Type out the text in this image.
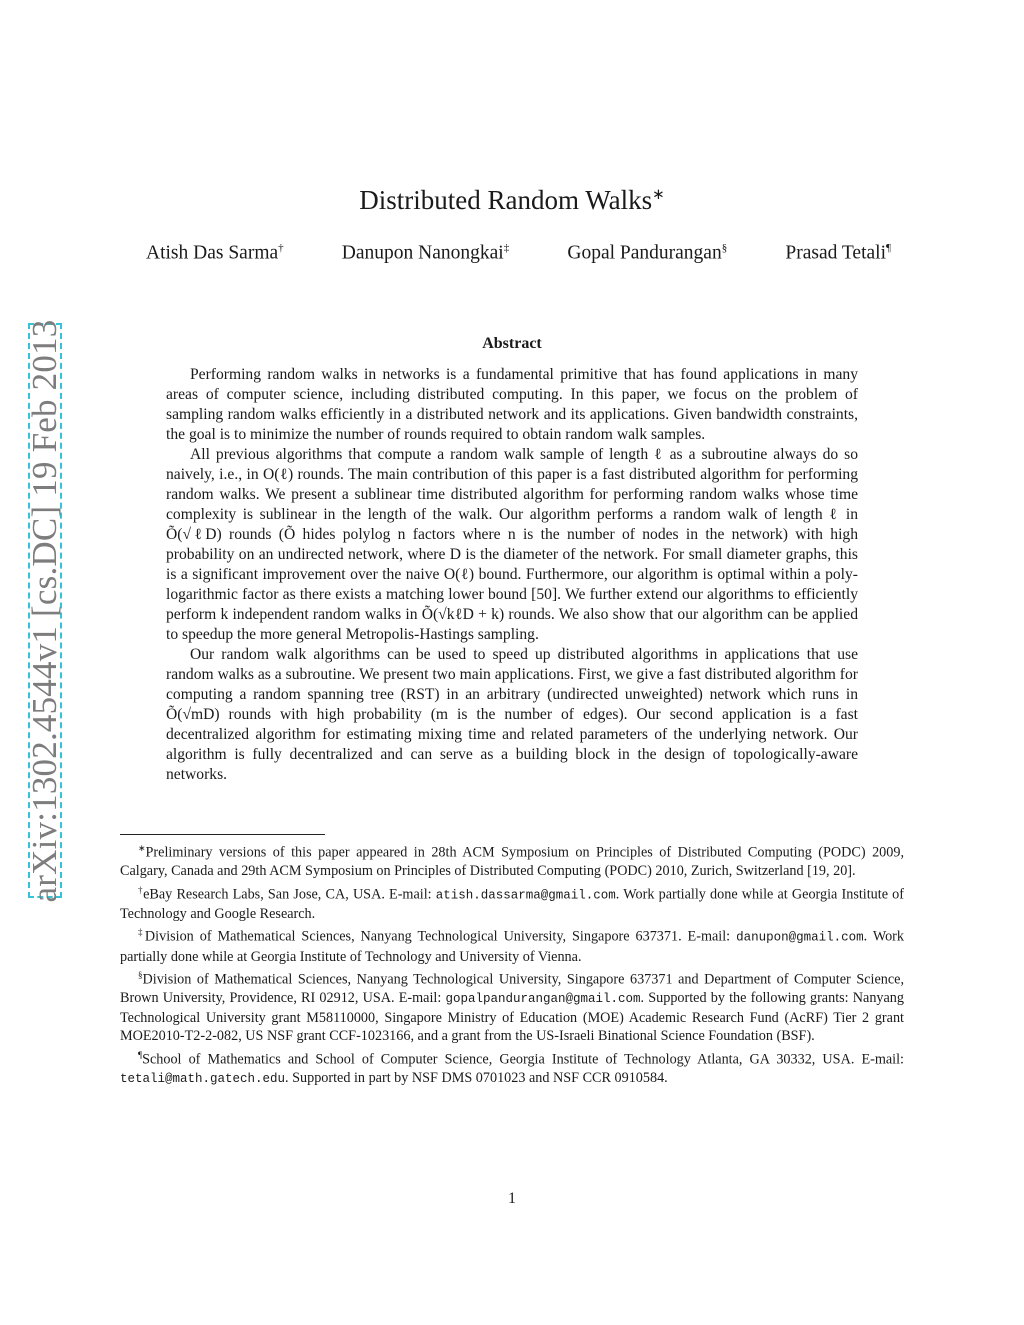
arXiv:1302.4544v1 [cs.DC] 19 Feb 2013
Distributed Random Walks∗
Atish Das Sarma†	Danupon Nanongkai‡	Gopal Pandurangan§	Prasad Tetali¶
Abstract

Performing random walks in networks is a fundamental primitive that has found applications in many areas of computer science, including distributed computing. In this paper, we focus on the problem of sampling random walks efficiently in a distributed network and its applications. Given bandwidth constraints, the goal is to minimize the number of rounds required to obtain random walk samples.

All previous algorithms that compute a random walk sample of length ℓ as a subroutine always do so naively, i.e., in O(ℓ) rounds. The main contribution of this paper is a fast distributed algorithm for performing random walks. We present a sublinear time distributed algorithm for performing random walks whose time complexity is sublinear in the length of the walk. Our algorithm performs a random walk of length ℓ in Õ(√ℓD) rounds (Õ hides polylog n factors where n is the number of nodes in the network) with high probability on an undirected network, where D is the diameter of the network. For small diameter graphs, this is a significant improvement over the naive O(ℓ) bound. Furthermore, our algorithm is optimal within a poly-logarithmic factor as there exists a matching lower bound [50]. We further extend our algorithms to efficiently perform k independent random walks in Õ(√kℓD + k) rounds. We also show that our algorithm can be applied to speedup the more general Metropolis-Hastings sampling.

Our random walk algorithms can be used to speed up distributed algorithms in applications that use random walks as a subroutine. We present two main applications. First, we give a fast distributed algorithm for computing a random spanning tree (RST) in an arbitrary (undirected unweighted) network which runs in Õ(√mD) rounds with high probability (m is the number of edges). Our second application is a fast decentralized algorithm for estimating mixing time and related parameters of the underlying network. Our algorithm is fully decentralized and can serve as a building block in the design of topologically-aware networks.

∗Preliminary versions of this paper appeared in 28th ACM Symposium on Principles of Distributed Computing (PODC) 2009, Calgary, Canada and 29th ACM Symposium on Principles of Distributed Computing (PODC) 2010, Zurich, Switzerland [19, 20].

†eBay Research Labs, San Jose, CA, USA. E-mail: atish.dassarma@gmail.com. Work partially done while at Georgia Institute of Technology and Google Research.

‡Division of Mathematical Sciences, Nanyang Technological University, Singapore 637371. E-mail: danupon@gmail.com. Work partially done while at Georgia Institute of Technology and University of Vienna.

§Division of Mathematical Sciences, Nanyang Technological University, Singapore 637371 and Department of Computer Science, Brown University, Providence, RI 02912, USA. E-mail: gopalpandurangan@gmail.com. Supported by the following grants: Nanyang Technological University grant M58110000, Singapore Ministry of Education (MOE) Academic Research Fund (AcRF) Tier 2 grant MOE2010-T2-2-082, US NSF grant CCF-1023166, and a grant from the US-Israeli Binational Science Foundation (BSF).

¶School of Mathematics and School of Computer Science, Georgia Institute of Technology Atlanta, GA 30332, USA. E-mail: tetali@math.gatech.edu. Supported in part by NSF DMS 0701023 and NSF CCR 0910584.

1
